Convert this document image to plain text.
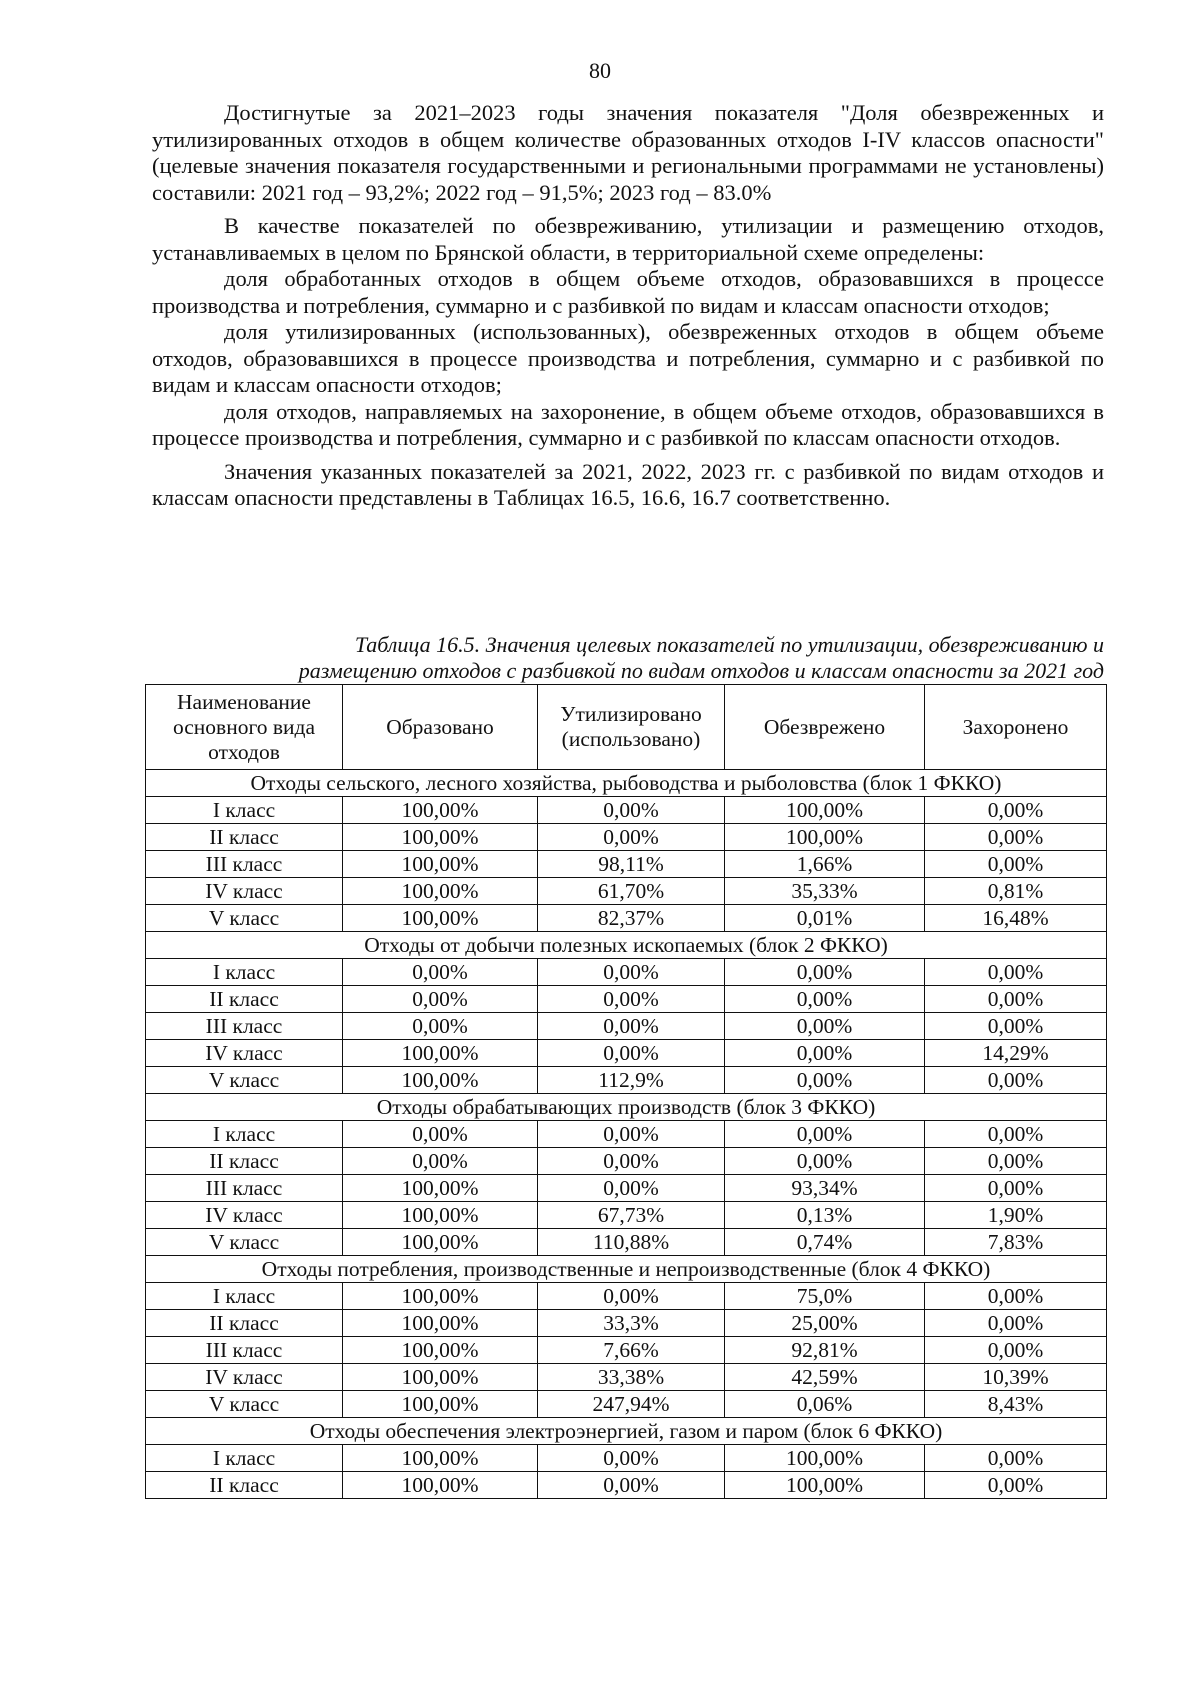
80

Достигнутые за 2021–2023 годы значения показателя "Доля обезвреженных и утилизированных отходов в общем количестве образованных отходов I-IV классов опасности" (целевые значения показателя государственными и региональными программами не установлены) составили: 2021 год – 93,2%; 2022 год – 91,5%; 2023 год – 83.0%

В качестве показателей по обезвреживанию, утилизации и размещению отходов, устанавливаемых в целом по Брянской области, в территориальной схеме определены:

доля обработанных отходов в общем объеме отходов, образовавшихся в процессе производства и потребления, суммарно и с разбивкой по видам и классам опасности отходов;

доля утилизированных (использованных), обезвреженных отходов в общем объеме отходов, образовавшихся в процессе производства и потребления, суммарно и с разбивкой по видам и классам опасности отходов;

доля отходов, направляемых на захоронение, в общем объеме отходов, образовавшихся в процессе производства и потребления, суммарно и с разбивкой по классам опасности отходов.

Значения указанных показателей за 2021, 2022, 2023 гг. с разбивкой по видам отходов и классам опасности представлены в Таблицах 16.5, 16.6, 16.7 соответственно.

Таблица 16.5. Значения целевых показателей по утилизации, обезвреживанию и
размещению отходов с разбивкой по видам отходов и классам опасности за 2021 год
Наименование основного вида отходов	Образовано	Утилизировано (использовано)	Обезврежено	Захоронено
Отходы сельского, лесного хозяйства, рыбоводства и рыболовства (блок 1 ФККО)				
I класс	100,00%	0,00%	100,00%	0,00%
II класс	100,00%	0,00%	100,00%	0,00%
III класс	100,00%	98,11%	1,66%	0,00%
IV класс	100,00%	61,70%	35,33%	0,81%
V класс	100,00%	82,37%	0,01%	16,48%
Отходы от добычи полезных ископаемых (блок 2 ФККО)				
I класс	0,00%	0,00%	0,00%	0,00%
II класс	0,00%	0,00%	0,00%	0,00%
III класс	0,00%	0,00%	0,00%	0,00%
IV класс	100,00%	0,00%	0,00%	14,29%
V класс	100,00%	112,9%	0,00%	0,00%
Отходы обрабатывающих производств (блок 3 ФККО)				
I класс	0,00%	0,00%	0,00%	0,00%
II класс	0,00%	0,00%	0,00%	0,00%
III класс	100,00%	0,00%	93,34%	0,00%
IV класс	100,00%	67,73%	0,13%	1,90%
V класс	100,00%	110,88%	0,74%	7,83%
Отходы потребления, производственные и непроизводственные (блок 4 ФККО)				
I класс	100,00%	0,00%	75,0%	0,00%
II класс	100,00%	33,3%	25,00%	0,00%
III класс	100,00%	7,66%	92,81%	0,00%
IV класс	100,00%	33,38%	42,59%	10,39%
V класс	100,00%	247,94%	0,06%	8,43%
Отходы обеспечения электроэнергией, газом и паром (блок 6 ФККО)				
I класс	100,00%	0,00%	100,00%	0,00%
II класс	100,00%	0,00%	100,00%	0,00%
